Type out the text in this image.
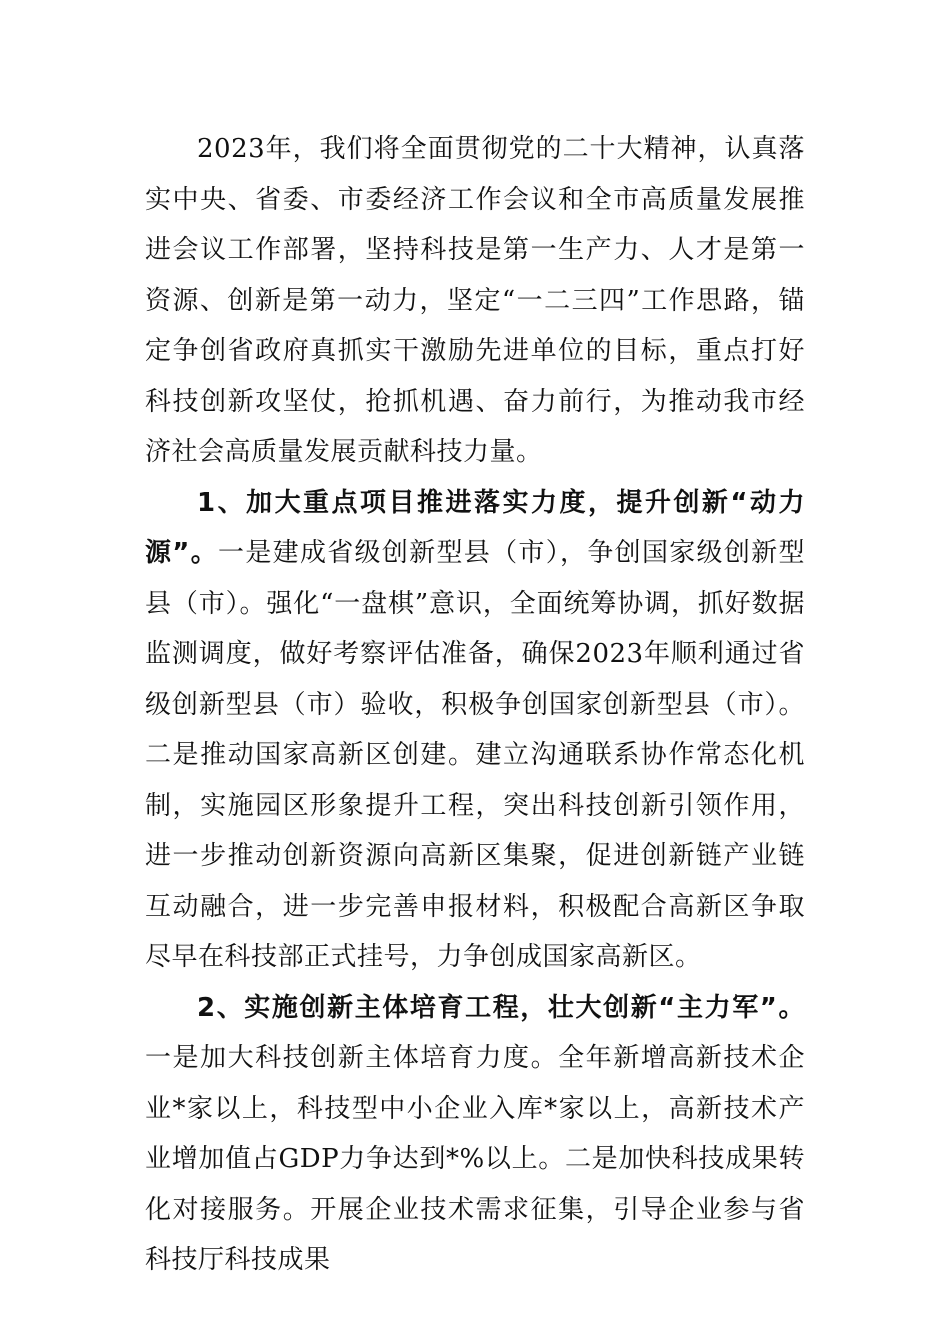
2023年，我们将全面贯彻党的二十大精神，认真落实中央、省委、市委经济工作会议和全市高质量发展推进会议工作部署，坚持科技是第一生产力、人才是第一资源、创新是第一动力，坚定“一二三四”工作思路，锚定争创省政府真抓实干激励先进单位的目标，重点打好科技创新攻坚仗，抢抓机遇、奋力前行，为推动我市经济社会高质量发展贡献科技力量。

1、加大重点项目推进落实力度，提升创新“动力源”。一是建成省级创新型县（市），争创国家级创新型县（市）。强化“一盘棋”意识，全面统筹协调，抓好数据监测调度，做好考察评估准备，确保2023年顺利通过省级创新型县（市）验收，积极争创国家创新型县（市）。二是推动国家高新区创建。建立沟通联系协作常态化机制，实施园区形象提升工程，突出科技创新引领作用，进一步推动创新资源向高新区集聚，促进创新链产业链互动融合，进一步完善申报材料，积极配合高新区争取尽早在科技部正式挂号，力争创成国家高新区。

2、实施创新主体培育工程，壮大创新“主力军”。一是加大科技创新主体培育力度。全年新增高新技术企业*家以上，科技型中小企业入库*家以上，高新技术产业增加值占GDP力争达到*%以上。二是加快科技成果转化对接服务。开展企业技术需求征集，引导企业参与省科技厅科技成果
